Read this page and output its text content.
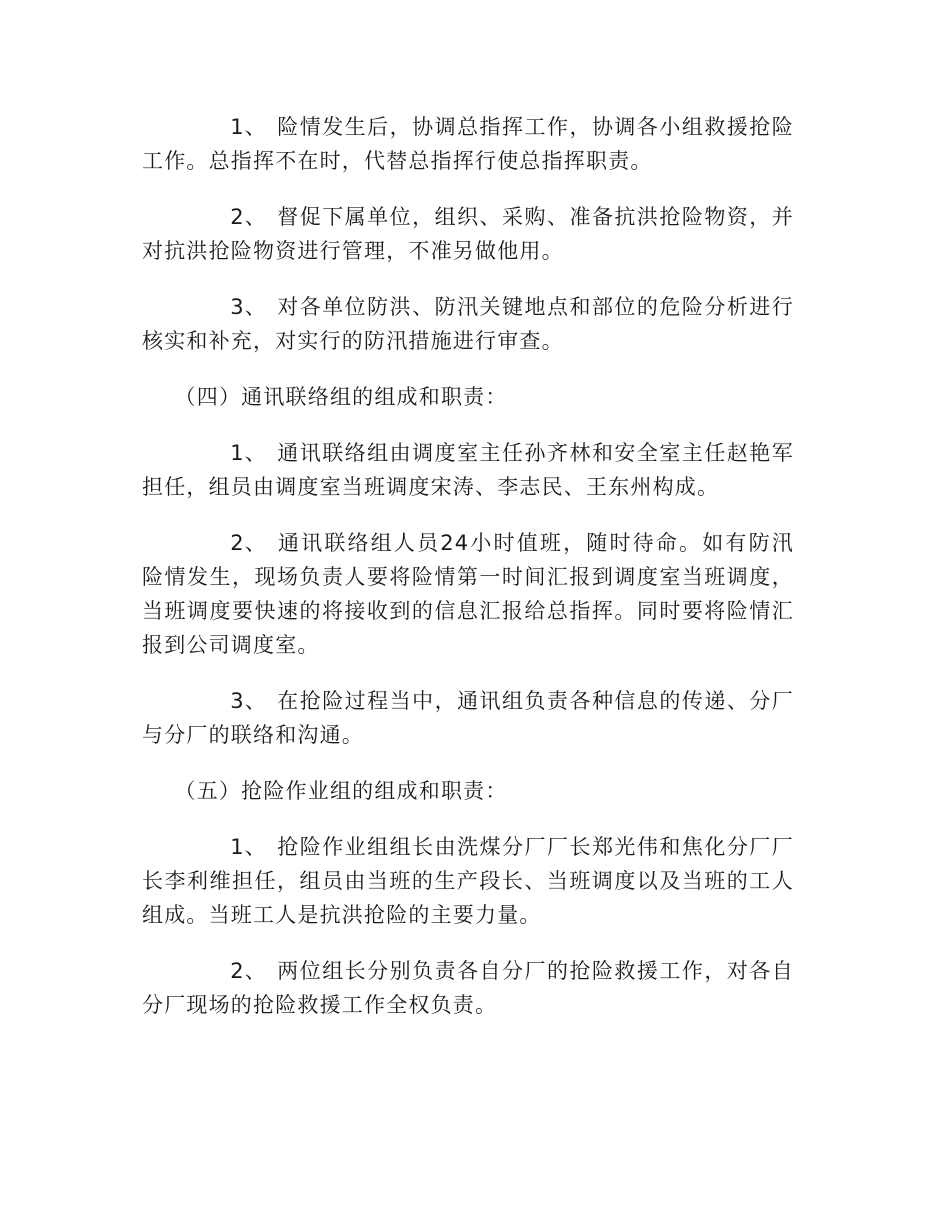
1、 险情发生后，协调总指挥工作，协调各小组救援抢险工作。总指挥不在时，代替总指挥行使总指挥职责。

2、 督促下属单位，组织、采购、准备抗洪抢险物资，并对抗洪抢险物资进行管理，不准另做他用。

3、 对各单位防洪、防汛关键地点和部位的危险分析进行核实和补充，对实行的防汛措施进行审查。

（四）通讯联络组的组成和职责：

1、 通讯联络组由调度室主任孙齐林和安全室主任赵艳军担任，组员由调度室当班调度宋涛、李志民、王东州构成。

2、 通讯联络组人员24小时值班，随时待命。如有防汛险情发生，现场负责人要将险情第一时间汇报到调度室当班调度，当班调度要快速的将接收到的信息汇报给总指挥。同时要将险情汇报到公司调度室。

3、 在抢险过程当中，通讯组负责各种信息的传递、分厂与分厂的联络和沟通。

（五）抢险作业组的组成和职责：

1、 抢险作业组组长由洗煤分厂厂长郑光伟和焦化分厂厂长李利维担任，组员由当班的生产段长、当班调度以及当班的工人组成。当班工人是抗洪抢险的主要力量。

2、 两位组长分别负责各自分厂的抢险救援工作，对各自分厂现场的抢险救援工作全权负责。
